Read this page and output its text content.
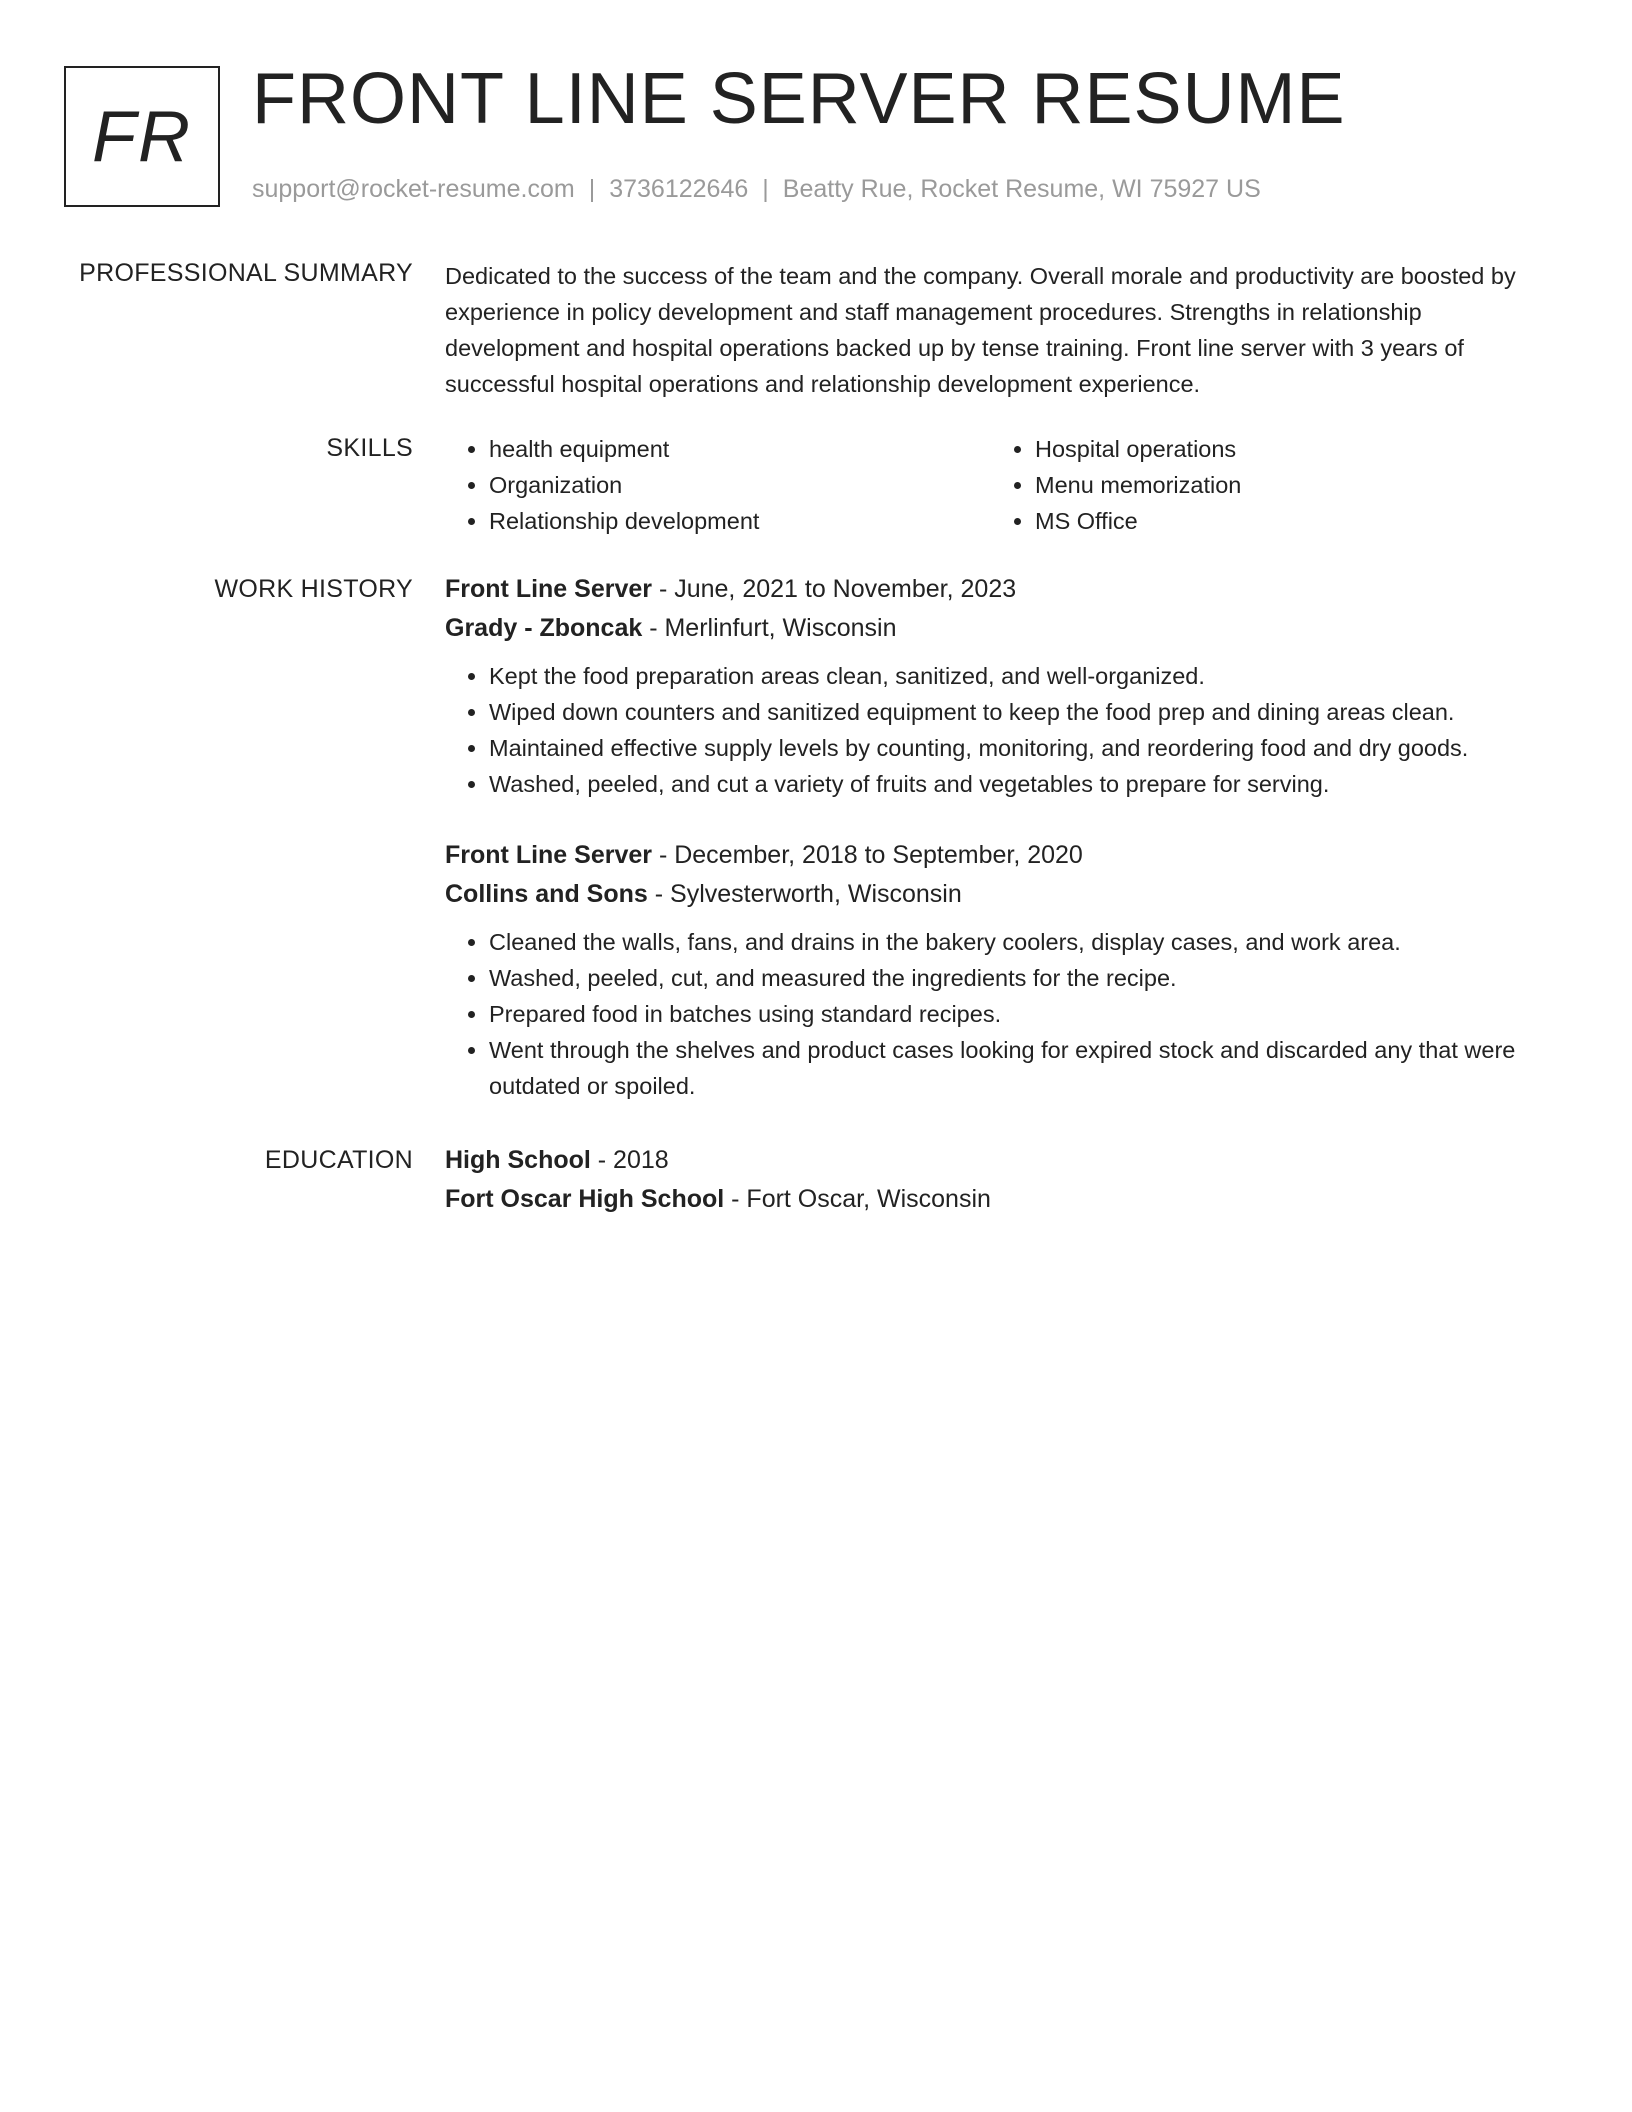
FR FRONT LINE SERVER RESUME
support@rocket-resume.com | 3736122646 | Beatty Rue, Rocket Resume, WI 75927 US
PROFESSIONAL SUMMARY Dedicated to the success of the team and the company. Overall morale and productivity are boosted by experience in policy development and staff management procedures. Strengths in relationship development and hospital operations backed up by tense training. Front line server with 3 years of successful hospital operations and relationship development experience.

SKILLS
•	health equipment
• Organization
• Relationship development
• Hospital operations
• Menu memorization
• MS Office
WORK HISTORY Front Line Server - June, 2021 to November, 2023
Grady - Zboncak - Merlinfurt, Wisconsin
• Kept the food preparation areas clean, sanitized, and well-organized.
• Wiped down counters and sanitized equipment to keep the food prep and dining areas clean.
• Maintained effective supply levels by counting, monitoring, and reordering food and dry goods.
• Washed, peeled, and cut a variety of fruits and vegetables to prepare for serving.
Front Line Server - December, 2018 to September, 2020
Collins and Sons - Sylvesterworth, Wisconsin
• Cleaned the walls, fans, and drains in the bakery coolers, display cases, and work area.
• Washed, peeled, cut, and measured the ingredients for the recipe.
• Prepared food in batches using standard recipes.
• Went through the shelves and product cases looking for expired stock and discarded any that were outdated or spoiled.
EDUCATION High School - 2018
Fort Oscar High School - Fort Oscar, Wisconsin
